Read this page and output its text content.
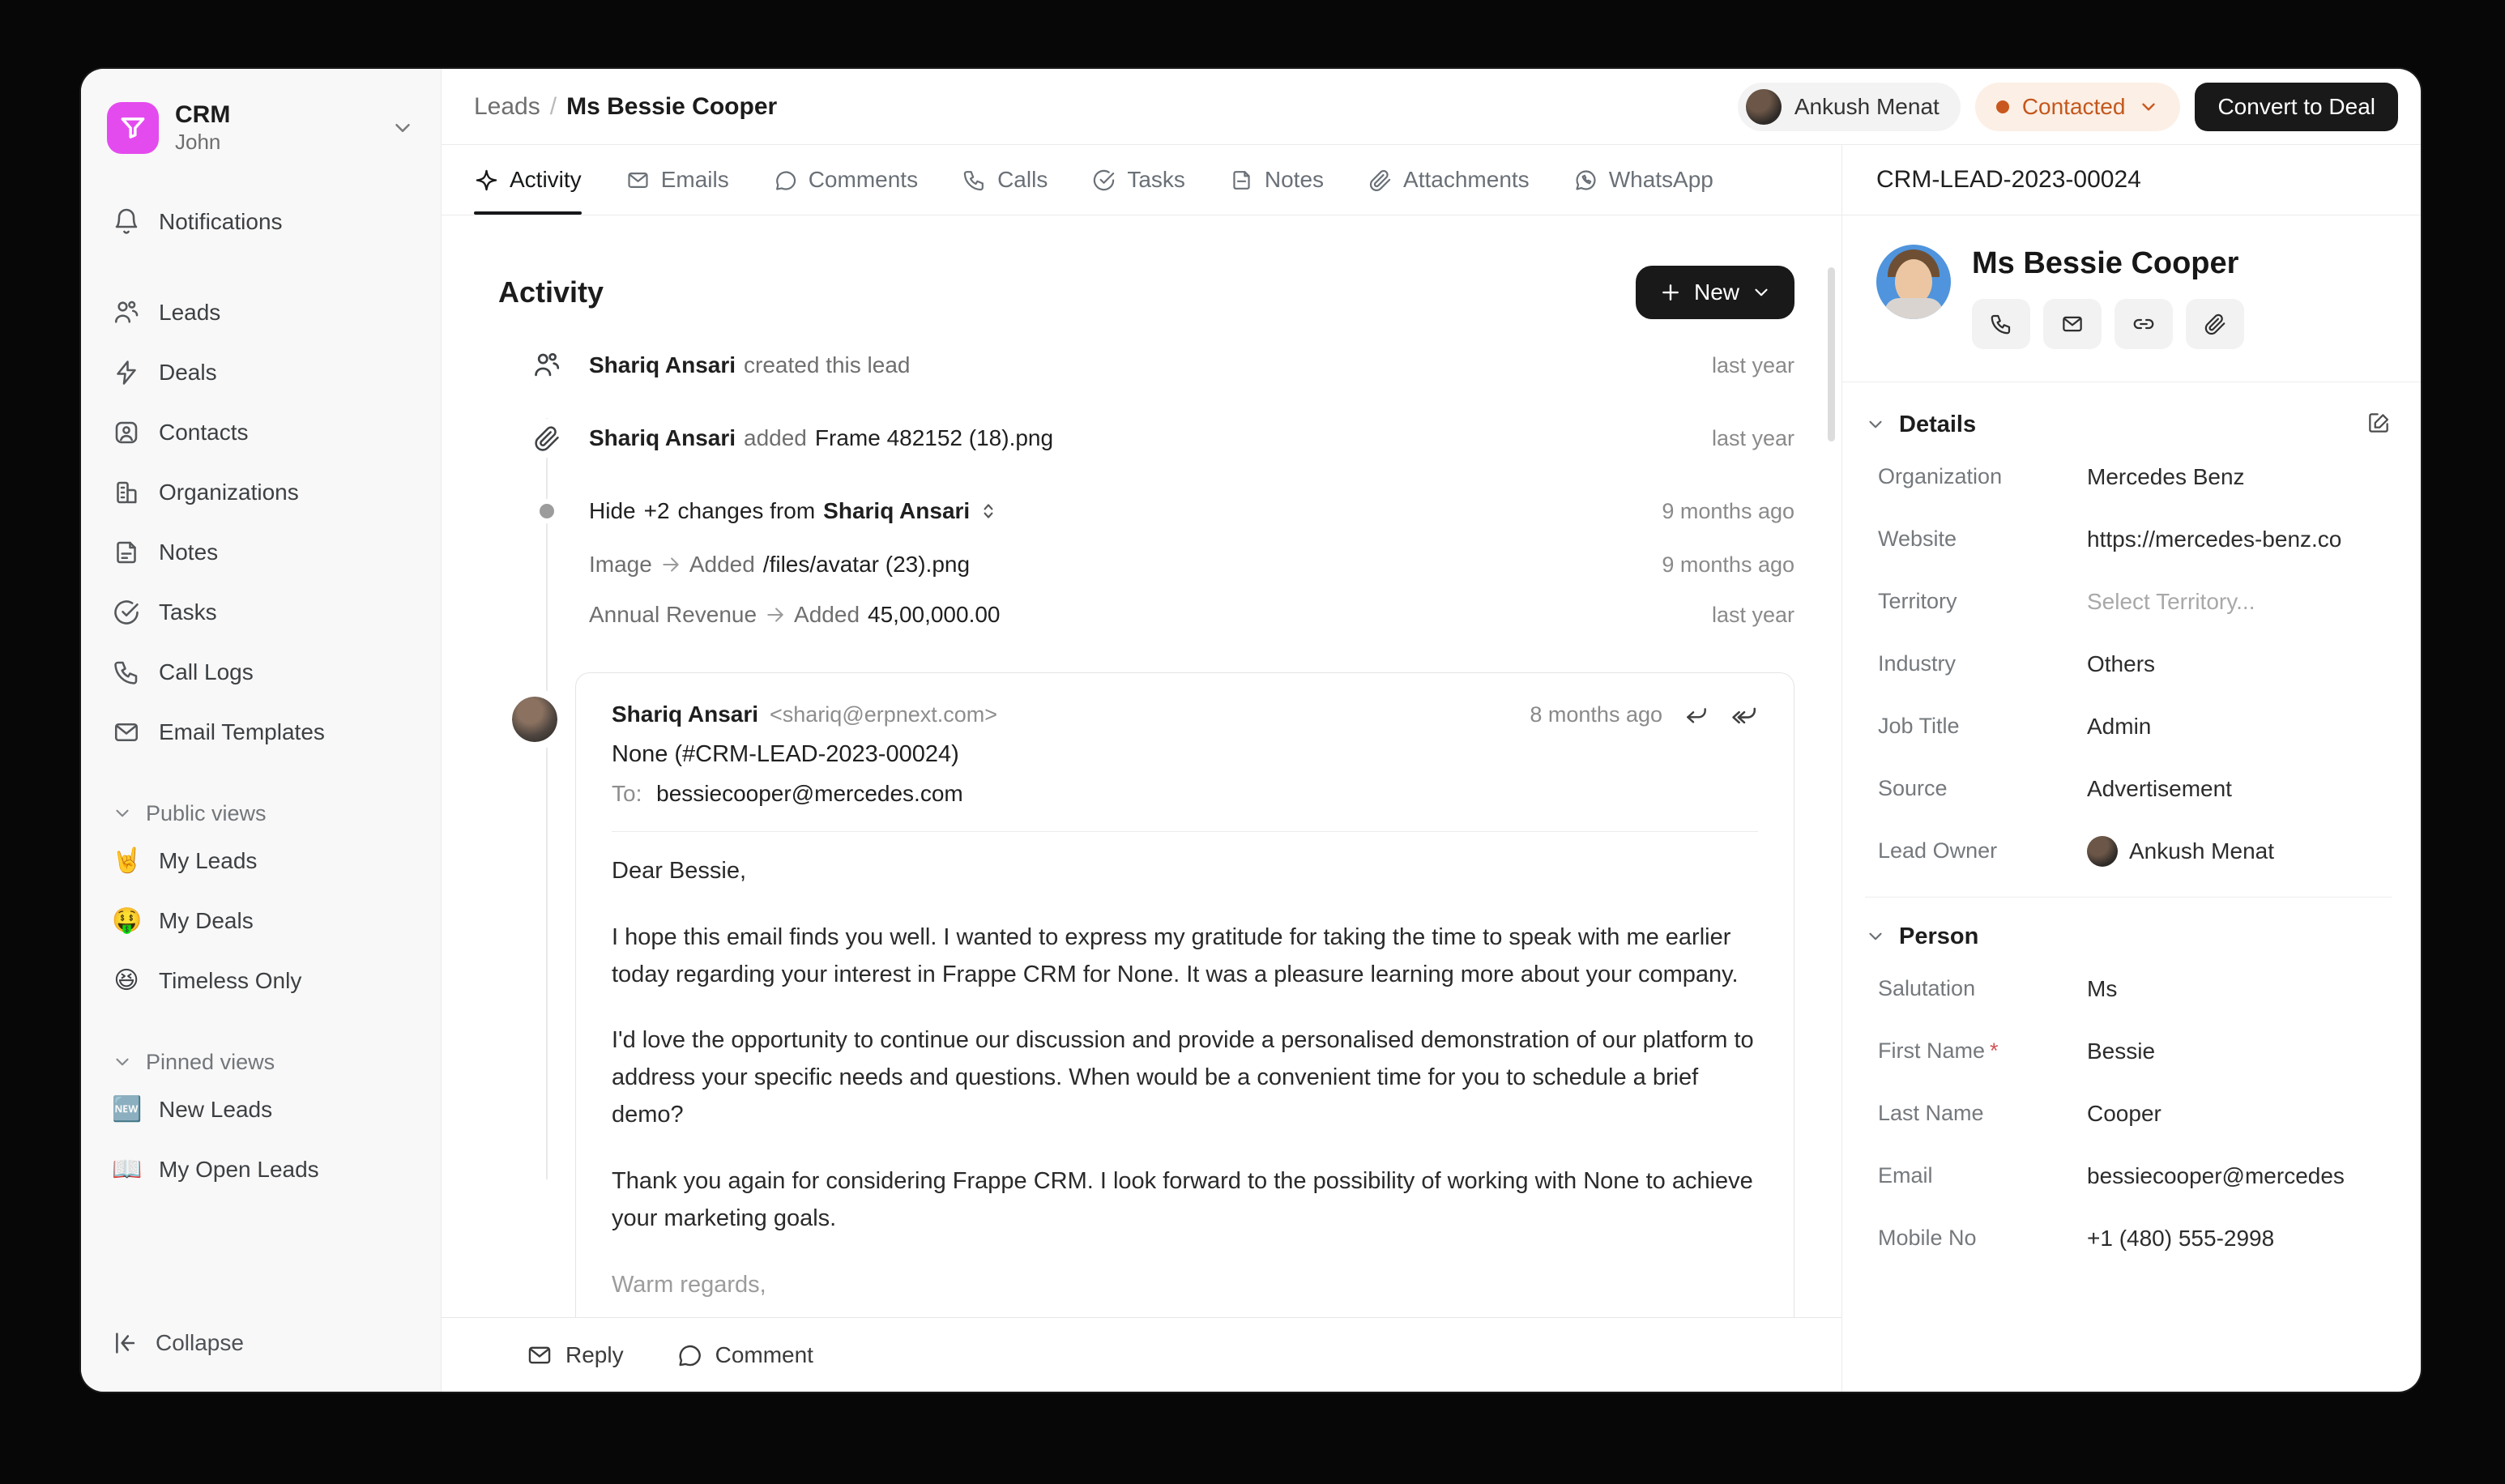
CRM
John
Notifications
Leads
Deals
Contacts
Organizations
Notes
Tasks
Call Logs
Email Templates
Public views
🤘 My Leads
🤑 My Deals
😆 Timeless Only
Pinned views
🆕 New Leads
📖 My Open Leads
Collapse
Leads / Ms Bessie Cooper	Ankush Menat	Contacted	Convert to Deal
Activity	Emails	Comments	Calls	Tasks	Notes	Attachments	WhatsApp
Activity	New
Shariq Ansari created this lead	last year
Shariq Ansari added Frame 482152 (18).png	last year
Hide +2 changes from Shariq Ansari	9 months ago
Image Added /files/avatar (23).png	9 months ago
Annual Revenue Added 45,00,000.00	last year
Shariq Ansari <shariq@erpnext.com>	8 months ago
None (#CRM-LEAD-2023-00024)
To: bessiecooper@mercedes.com

Dear Bessie,

I hope this email finds you well. I wanted to express my gratitude for taking the time to speak with me earlier today regarding your interest in Frappe CRM for None. It was a pleasure learning more about your company.

I'd love the opportunity to continue our discussion and provide a personalised demonstration of our platform to address your specific needs and questions. When would be a convenient time for you to schedule a brief demo?

Thank you again for considering Frappe CRM. I look forward to the possibility of working with None to achieve your marketing goals.

Warm regards,

Reply	Comment
CRM-LEAD-2023-00024
Ms Bessie Cooper
Details
Organization	Mercedes Benz
Website	https://mercedes-benz.co
Territory	Select Territory...
Industry	Others
Job Title	Admin
Source	Advertisement
Lead Owner	Ankush Menat
Person
Salutation	Ms
First Name *	Bessie
Last Name	Cooper
Email	bessiecooper@mercedes
Mobile No	+1 (480) 555-2998
